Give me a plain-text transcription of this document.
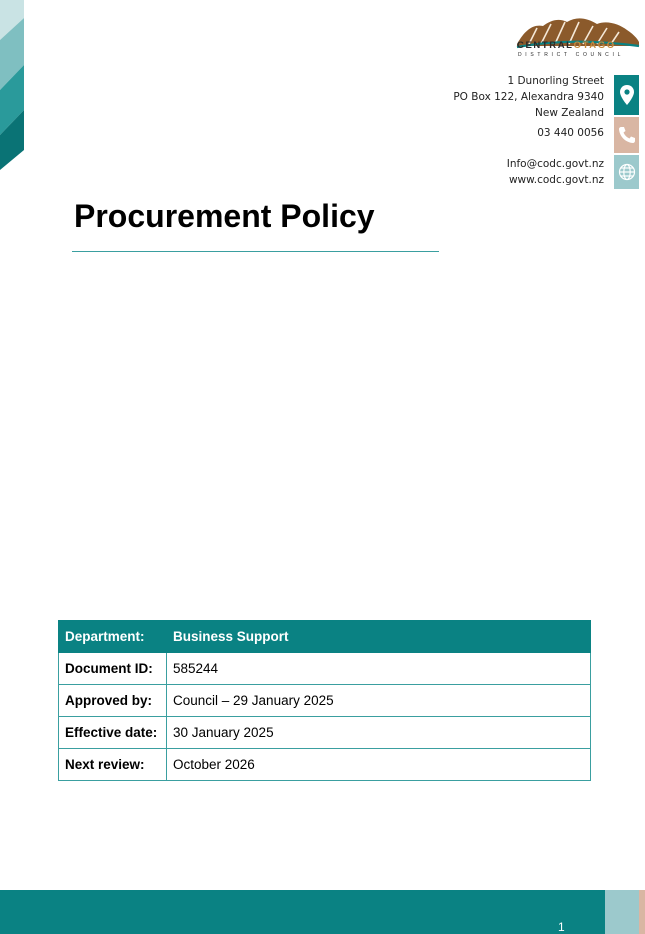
CENTRALOTAGO
DISTRICT COUNCIL
1 Dunorling Street
PO Box 122, Alexandra 9340
New Zealand
03 440 0056
Info@codc.govt.nz
www.codc.govt.nz
Procurement Policy
Department:	Business Support
Document ID:	585244
Approved by:	Council – 29 January 2025
Effective date:	30 January 2025
Next review:	October 2026
1
